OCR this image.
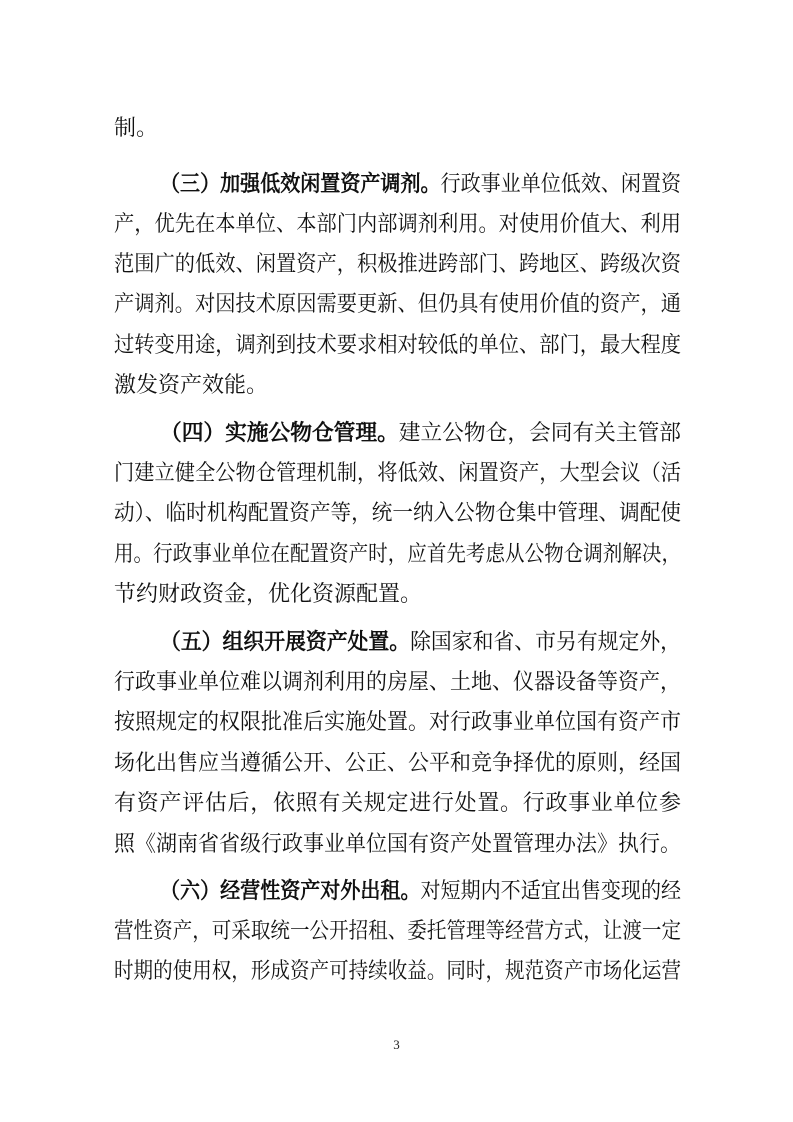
制。

（三）加强低效闲置资产调剂。行政事业单位低效、闲置资

产，优先在本单位、本部门内部调剂利用。对使用价值大、利用

范围广的低效、闲置资产，积极推进跨部门、跨地区、跨级次资

产调剂。对因技术原因需要更新、但仍具有使用价值的资产，通

过转变用途，调剂到技术要求相对较低的单位、部门，最大程度

激发资产效能。

（四）实施公物仓管理。建立公物仓，会同有关主管部

门建立健全公物仓管理机制，将低效、闲置资产，大型会议（活

动）、临时机构配置资产等，统一纳入公物仓集中管理、调配使

用。行政事业单位在配置资产时，应首先考虑从公物仓调剂解决，

节约财政资金，优化资源配置。

（五）组织开展资产处置。除国家和省、市另有规定外，

行政事业单位难以调剂利用的房屋、土地、仪器设备等资产，

按照规定的权限批准后实施处置。对行政事业单位国有资产市

场化出售应当遵循公开、公正、公平和竞争择优的原则，经国

有资产评估后，依照有关规定进行处置。行政事业单位参

照《湖南省省级行政事业单位国有资产处置管理办法》执行。

（六）经营性资产对外出租。对短期内不适宜出售变现的经

营性资产，可采取统一公开招租、委托管理等经营方式，让渡一定

时期的使用权，形成资产可持续收益。同时，规范资产市场化运营

3
